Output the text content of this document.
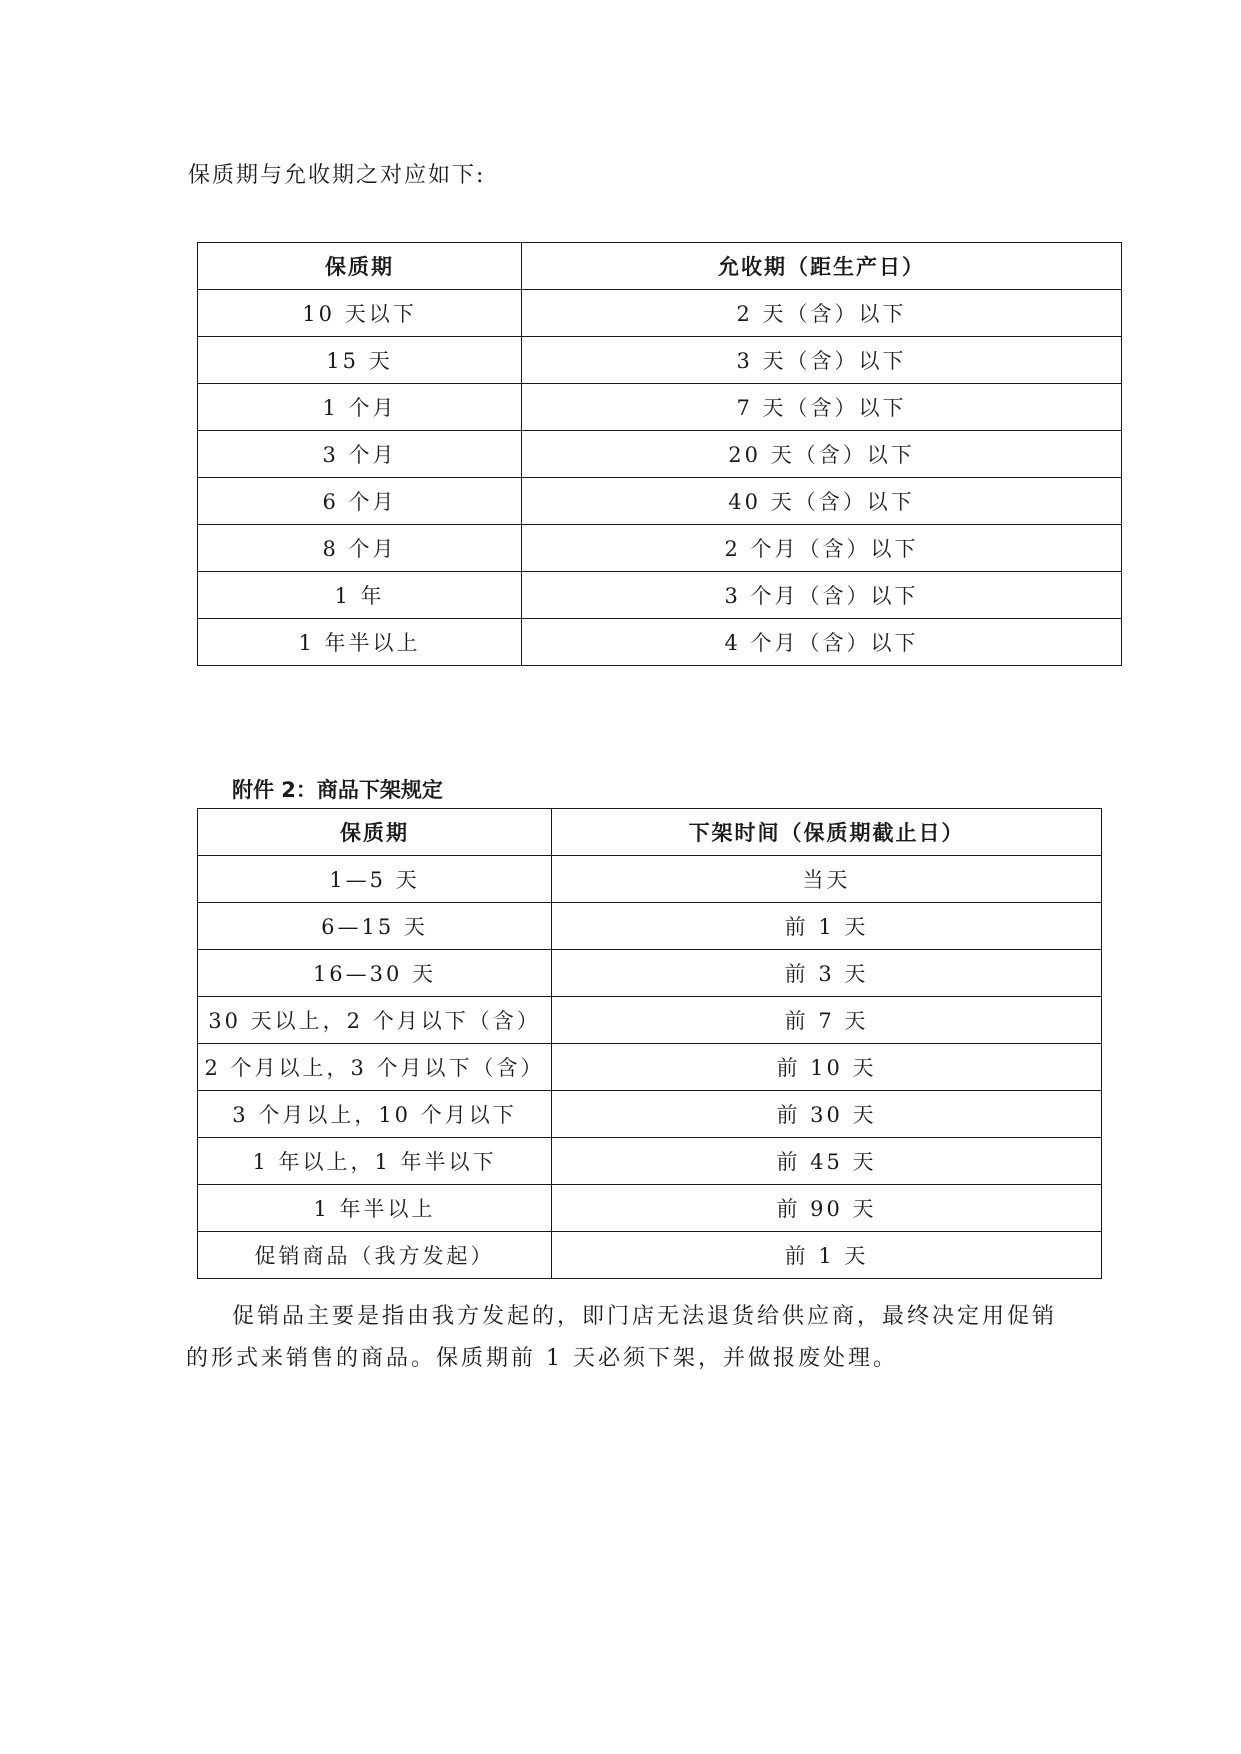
保质期与允收期之对应如下:
保质期	允收期（距生产日）
10 天以下	2 天（含）以下
15 天	3 天（含）以下
1 个月	7 天（含）以下
3 个月	20 天（含）以下
6 个月	40 天（含）以下
8 个月	2 个月（含）以下
1 年	3 个月（含）以下
1 年半以上	4 个月（含）以下
附件 2：商品下架规定
保质期	下架时间（保质期截止日）
1—5 天	当天
6—15 天	前 1 天
16—30 天	前 3 天
30 天以上，2 个月以下（含）	前 7 天
2 个月以上，3 个月以下（含）	前 10 天
3 个月以上，10 个月以下	前 30 天
1 年以上，1 年半以下	前 45 天
1 年半以上	前 90 天
促销商品（我方发起）	前 1 天
促销品主要是指由我方发起的，即门店无法退货给供应商，最终决定用促销的形式来销售的商品。保质期前 1 天必须下架，并做报废处理。
